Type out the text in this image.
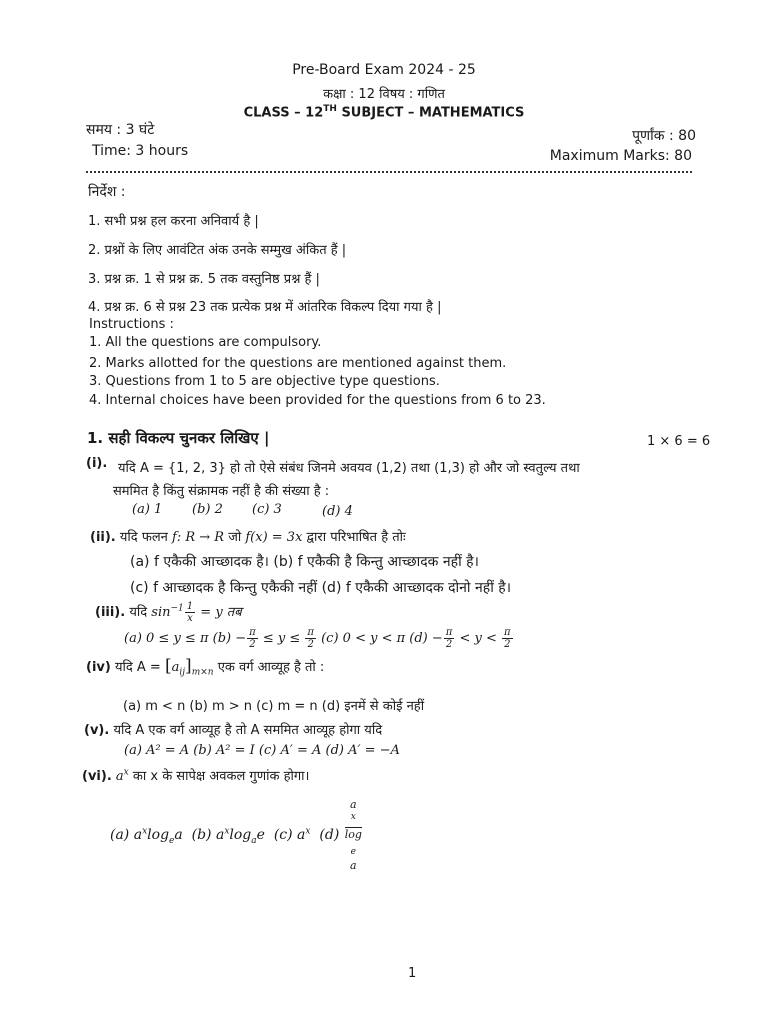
Pre-Board Exam 2024 - 25
कक्षा : 12 विषय : गणित
CLASS – 12TH SUBJECT – MATHEMATICS
समय : 3 घंटे
Time: 3 hours
पूर्णांक : 80
Maximum Marks: 80
निर्देश :
1. सभी प्रश्न हल करना अनिवार्य है |
2. प्रश्नों के लिए आवंटित अंक उनके सम्मुख अंकित हैं |
3. प्रश्न क्र. 1 से प्रश्न क्र. 5 तक वस्तुनिष्ठ प्रश्न हैं |
4. प्रश्न क्र. 6 से प्रश्न 23 तक प्रत्येक प्रश्न में आंतरिक विकल्प दिया गया है |
Instructions :
1. All the questions are compulsory.
2. Marks allotted for the questions are mentioned against them.
3. Questions from 1 to 5 are objective type questions.
4. Internal choices have been provided for the questions from 6 to 23.
1. सही विकल्प चुनकर लिखिए |	1 × 6 = 6
(i). यदि A = {1, 2, 3} हो तो ऐसे संबंध जिनमे अवयव (1,2) तथा (1,3) हो और जो स्वतुल्य तथा
सममित है किंतु संक्रामक नहीं है की संख्या है :
(a) 1 (b) 2 (c) 3	(d) 4
(ii). यदि फलन f: R → R जो f(x) = 3x द्वारा परिभाषित है तोः
(a) f एकैकी आच्छादक है। (b) f एकैकी है किन्तु आच्छादक नहीं है।
(c) f आच्छादक है किन्तु एकैकी नहीं (d) f एकैकी आच्छादक दोनो नहीं है।
(iii). यदि $\sin^{-1} \frac{1}{x} = y$ तब
(a) 0 ≤ y ≤ π $(b) - \frac{\pi}{2} \le y \le \frac{\pi}{2} (c) 0 < y < \pi$ $(d) - \frac{\pi}{2} < y < \frac{\pi}{2}$
(iv) यदि $A = [a_{ij}]_{m\times n}$ एक वर्ग आव्यूह है तो :
(a) m < n (b) m > n (c) m = n (d) इनमें से कोई नहीं
(v). यदि A एक वर्ग आव्यूह है तो A सममित आव्यूह होगा यदि
(a) A² = A (b) A² = I (c) A′ = A (d) A′ = −A
(vi). $a^x$ का x के सापेक्ष अवकल गुणांक होगा।
(a) $a^x\log_ea$ (b) $a^x\log_ae$ (c) $a^x$ (d) a
$^x$
log
$_e$
a
1
